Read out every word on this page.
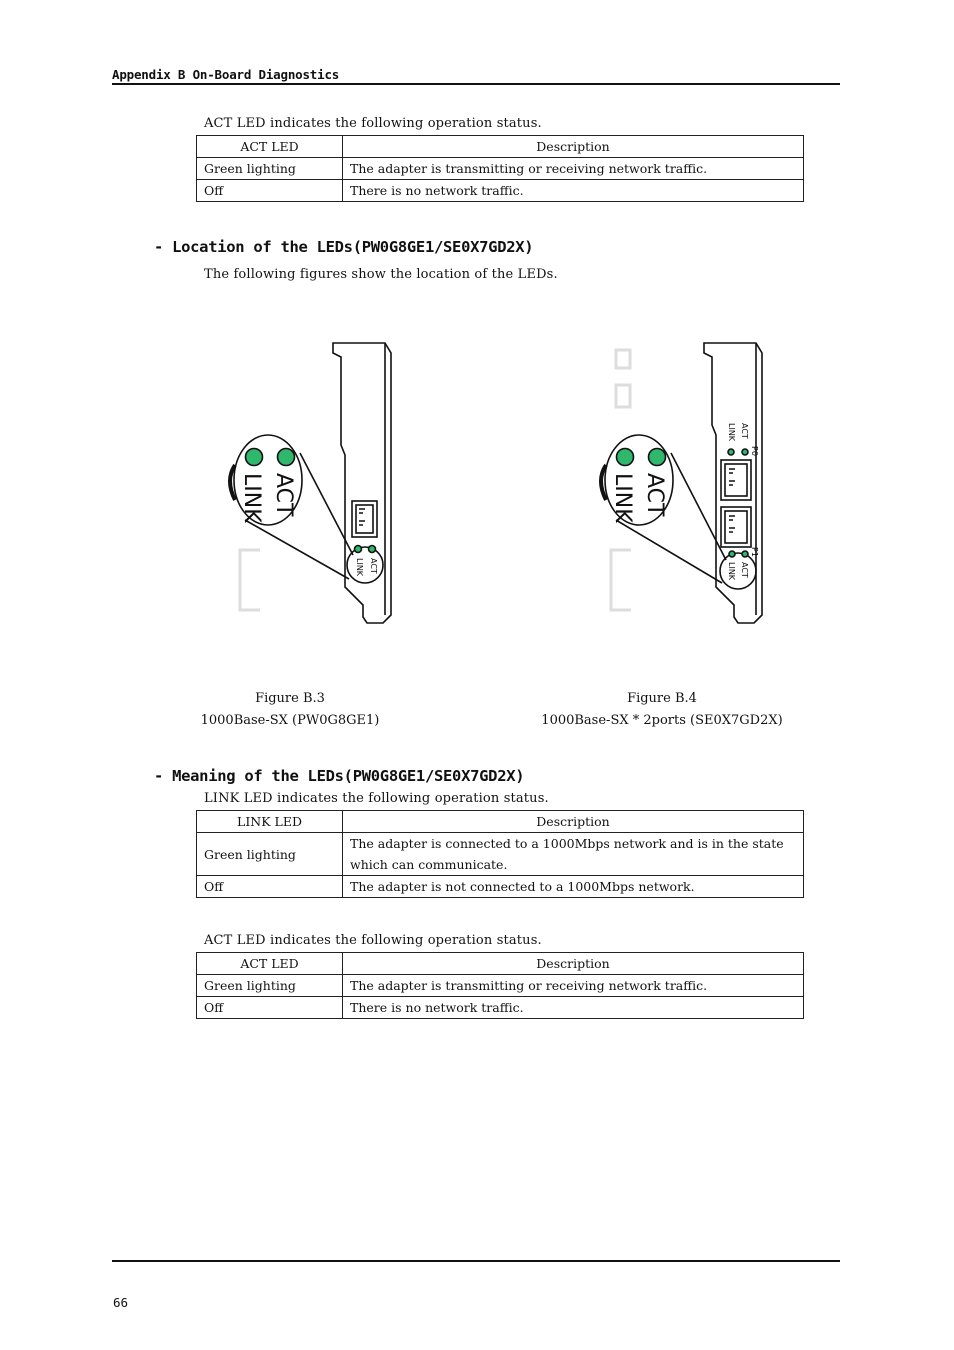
Appendix B On-Board Diagnostics
ACT LED indicates the following operation status.
ACT LED	Description
Green lighting	The adapter is transmitting or receiving network traffic.
Off	There is no network traffic.
- Location of the LEDs(PW0G8GE1/SE0X7GD2X)
The following figures show the location of the LEDs.
ACT
LINK
ACT
LINK
ACT
LINK
P0
ACT
LINK
P1
ACT
LINK
Figure B.3
1000Base-SX (PW0G8GE1)
Figure B.4
1000Base-SX * 2ports (SE0X7GD2X)
- Meaning of the LEDs(PW0G8GE1/SE0X7GD2X)
LINK LED indicates the following operation status.
LINK LED	Description
Green lighting	The adapter is connected to a 1000Mbps network and is in the state
which can communicate.
Off	The adapter is not connected to a 1000Mbps network.
ACT LED indicates the following operation status.
ACT LED	Description
Green lighting	The adapter is transmitting or receiving network traffic.
Off	There is no network traffic.
66
